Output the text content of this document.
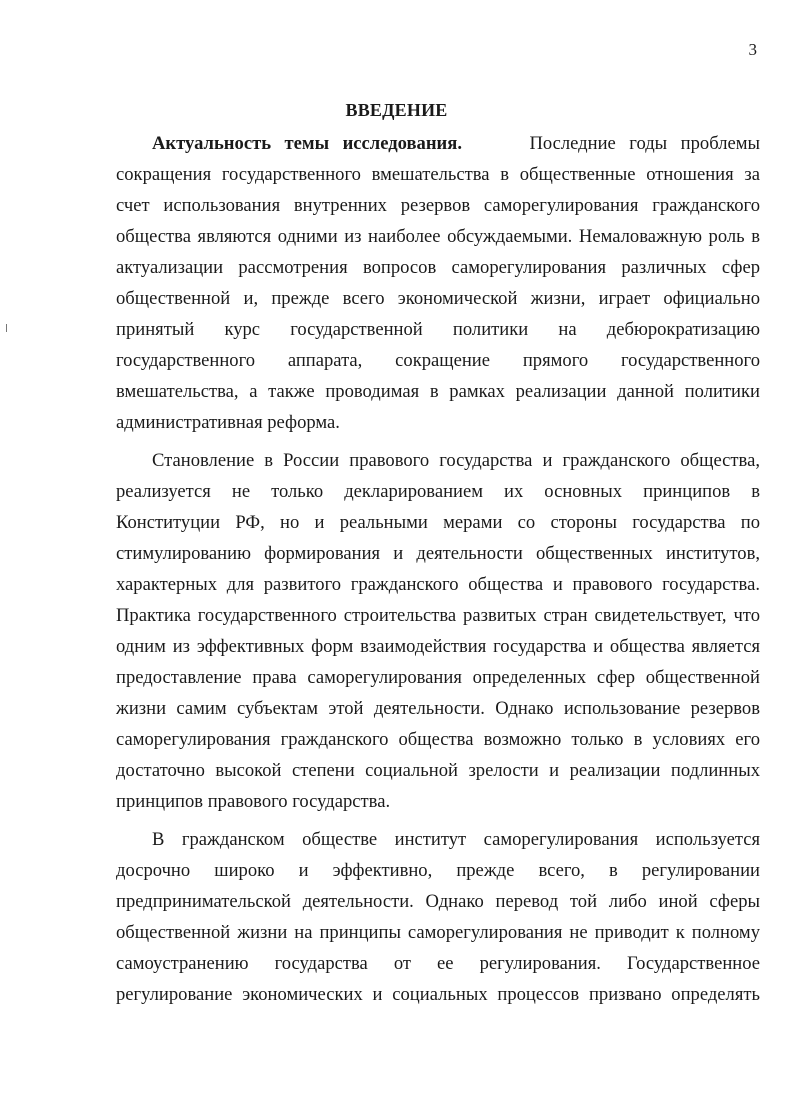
3
ВВЕДЕНИЕ
Актуальность темы исследования.	Последние годы проблемы
сокращения государственного вмешательства в общественные отношения за
счет использования внутренних резервов саморегулирования гражданского
общества являются одними из наиболее обсуждаемыми. Немаловажную роль в
актуализации рассмотрения вопросов саморегулирования различных сфер
общественной и, прежде всего экономической жизни, играет официально
принятый курс государственной политики на дебюрократизацию
государственного аппарата, сокращение прямого государственного
вмешательства, а также проводимая в рамках реализации данной политики
административная реформа.
Становление в России правового государства и гражданского общества,
реализуется не только декларированием их основных принципов в
Конституции РФ, но и реальными мерами со стороны государства по
стимулированию формирования и деятельности общественных институтов,
характерных для развитого гражданского общества и правового государства.
Практика государственного строительства развитых стран свидетельствует, что
одним из эффективных форм взаимодействия государства и общества является
предоставление права саморегулирования определенных сфер общественной
жизни самим субъектам этой деятельности. Однако использование резервов
саморегулирования гражданского общества возможно только в условиях его
достаточно высокой степени социальной зрелости и реализации подлинных
принципов правового государства.
В гражданском обществе институт саморегулирования используется
досрочно широко и эффективно, прежде всего, в регулировании
предпринимательской деятельности. Однако перевод той либо иной сферы
общественной жизни на принципы саморегулирования не приводит к полному
самоустранению государства от ее регулирования. Государственное
регулирование экономических и социальных процессов призвано определять
